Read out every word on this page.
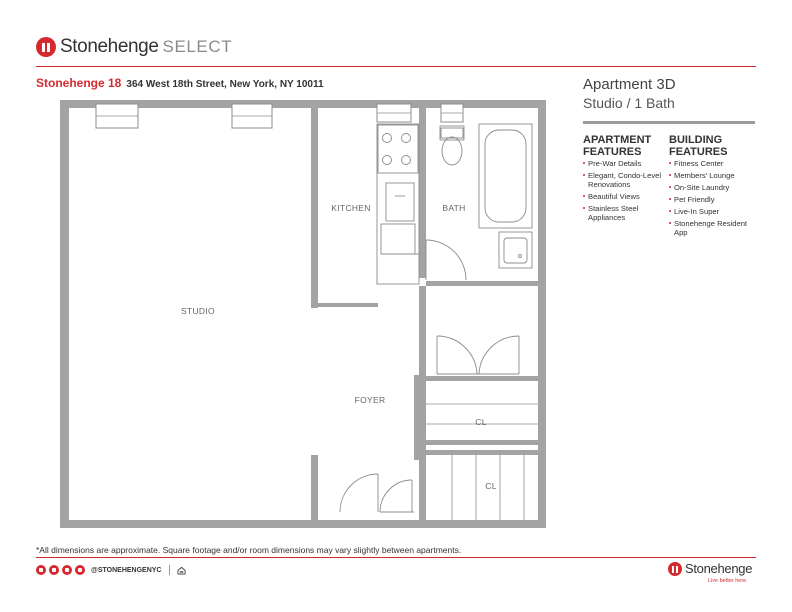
Stonehenge SELECT
Stonehenge 18 364 West 18th Street, New York, NY 10011	Apartment 3D
Studio / 1 Bath
APARTMENT
FEATURES
Pre-War Details
Elegant, Condo-Level Renovations
Beautiful Views
Stainless Steel Appliances
BUILDING
FEATURES
Fitness Center
Members' Lounge
On-Site Laundry
Pet Friendly
Live-In Super
Stonehenge Resident App
STUDIO
KITCHEN	BATH
FOYER
CL
CL
*All dimensions are approximate. Square footage and/or room dimensions may vary slightly between apartments.
@STONEHENGENYC	Stonehenge
Live better here
